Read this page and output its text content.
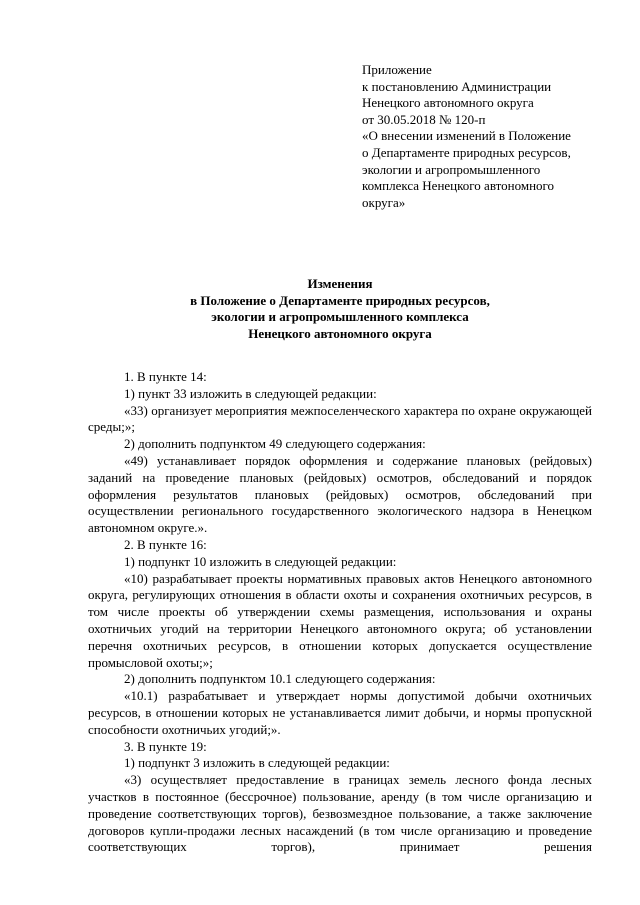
Приложение
к постановлению Администрации
Ненецкого автономного округа
от 30.05.2018 № 120-п
«О внесении изменений в Положение
о Департаменте природных ресурсов,
экологии и агропромышленного
комплекса Ненецкого автономного
округа»
Изменения
в Положение о Департаменте природных ресурсов,
экологии и агропромышленного комплекса
Ненецкого автономного округа

1. В пункте 14:

1) пункт 33 изложить в следующей редакции:

«33) организует мероприятия межпоселенческого характера по охране окружающей среды;»;

2) дополнить подпунктом 49 следующего содержания:

«49) устанавливает порядок оформления и содержание плановых (рейдовых) заданий на проведение плановых (рейдовых) осмотров, обследований и порядок оформления результатов плановых (рейдовых) осмотров, обследований при осуществлении регионального государственного экологического надзора в Ненецком автономном округе.».

2. В пункте 16:

1) подпункт 10 изложить в следующей редакции:

«10) разрабатывает проекты нормативных правовых актов Ненецкого автономного округа, регулирующих отношения в области охоты и сохранения охотничьих ресурсов, в том числе проекты об утверждении схемы размещения, использования и охраны охотничьих угодий на территории Ненецкого автономного округа; об установлении перечня охотничьих ресурсов, в отношении которых допускается осуществление промысловой охоты;»;

2) дополнить подпунктом 10.1 следующего содержания:

«10.1) разрабатывает и утверждает нормы допустимой добычи охотничьих ресурсов, в отношении которых не устанавливается лимит добычи, и нормы пропускной способности охотничьих угодий;».

3. В пункте 19:

1) подпункт 3 изложить в следующей редакции:

«3) осуществляет предоставление в границах земель лесного фонда лесных участков в постоянное (бессрочное) пользование, аренду (в том числе организацию и проведение соответствующих торгов), безвозмездное пользование, а также заключение договоров купли-продажи лесных насаждений (в том числе организацию и проведение соответствующих торгов), принимает решения
